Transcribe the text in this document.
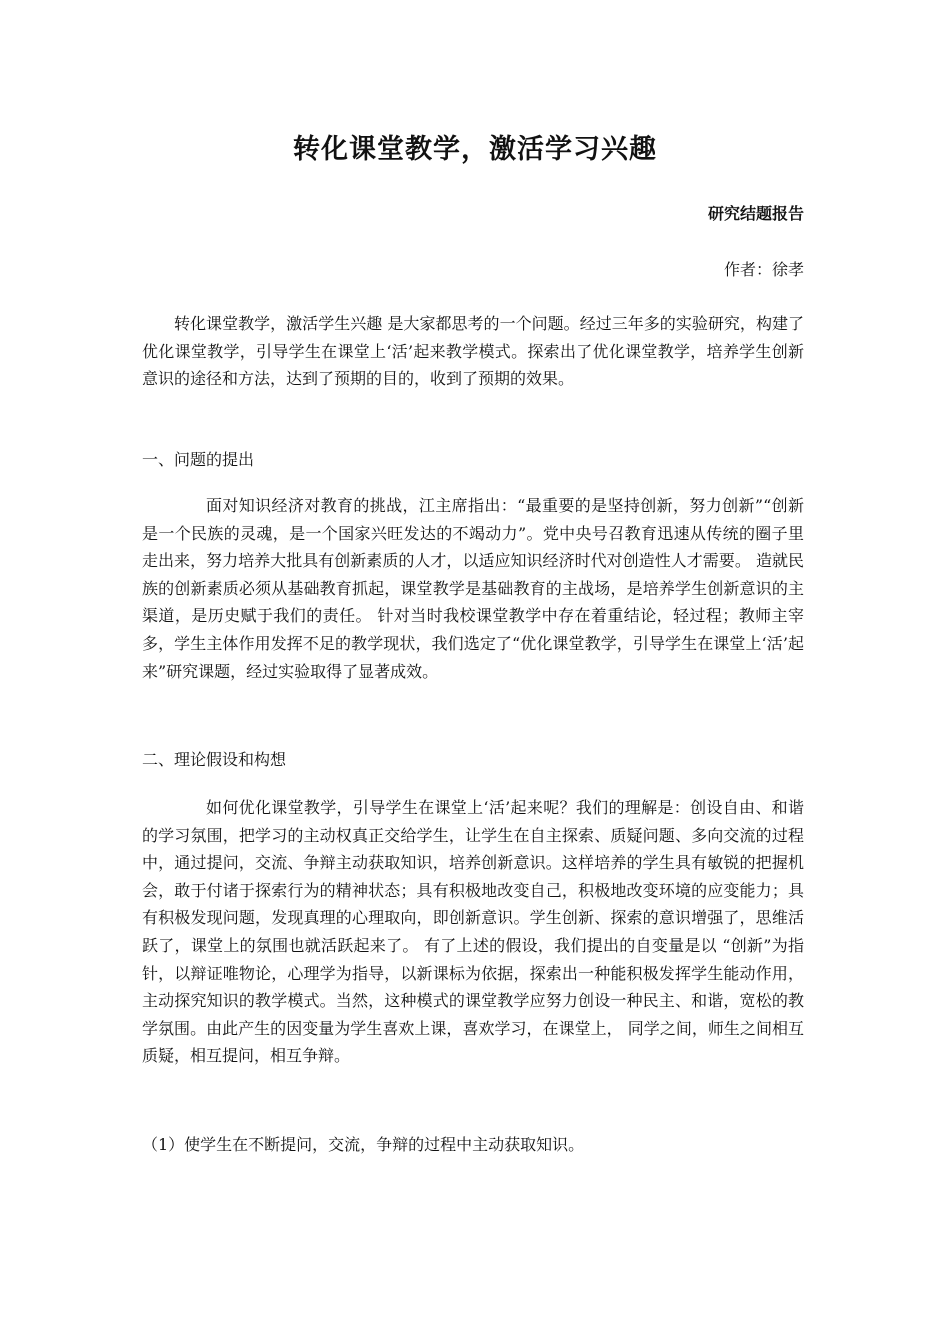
转化课堂教学，激活学习兴趣

研究结题报告

作者：徐孝

转化课堂教学，激活学生兴趣 是大家都思考的一个问题。经过三年多的实验研究，构建了优化课堂教学，引导学生在课堂上‘活’起来教学模式。探索出了优化课堂教学，培养学生创新意识的途径和方法，达到了预期的目的，收到了预期的效果。

一、问题的提出

面对知识经济对教育的挑战，江主席指出：“最重要的是坚持创新，努力创新”“创新是一个民族的灵魂，是一个国家兴旺发达的不竭动力”。党中央号召教育迅速从传统的圈子里走出来，努力培养大批具有创新素质的人才，以适应知识经济时代对创造性人才需要。 造就民族的创新素质必须从基础教育抓起，课堂教学是基础教育的主战场，是培养学生创新意识的主渠道，是历史赋于我们的责任。 针对当时我校课堂教学中存在着重结论，轻过程；教师主宰多，学生主体作用发挥不足的教学现状，我们选定了“优化课堂教学，引导学生在课堂上‘活’起来”研究课题，经过实验取得了显著成效。

二、理论假设和构想

如何优化课堂教学，引导学生在课堂上‘活’起来呢？我们的理解是：创设自由、和谐的学习氛围，把学习的主动权真正交给学生，让学生在自主探索、质疑问题、多向交流的过程中，通过提问，交流、争辩主动获取知识，培养创新意识。这样培养的学生具有敏锐的把握机会，敢于付诸于探索行为的精神状态；具有积极地改变自己，积极地改变环境的应变能力；具有积极发现问题，发现真理的心理取向，即创新意识。学生创新、探索的意识增强了，思维活跃了，课堂上的氛围也就活跃起来了。 有了上述的假设，我们提出的自变量是以 “创新”为指针，以辩证唯物论，心理学为指导，以新课标为依据，探索出一种能积极发挥学生能动作用，主动探究知识的教学模式。当然，这种模式的课堂教学应努力创设一种民主、和谐，宽松的教学氛围。由此产生的因变量为学生喜欢上课，喜欢学习，在课堂上， 同学之间，师生之间相互质疑，相互提问，相互争辩。

（1）使学生在不断提问，交流，争辩的过程中主动获取知识。
